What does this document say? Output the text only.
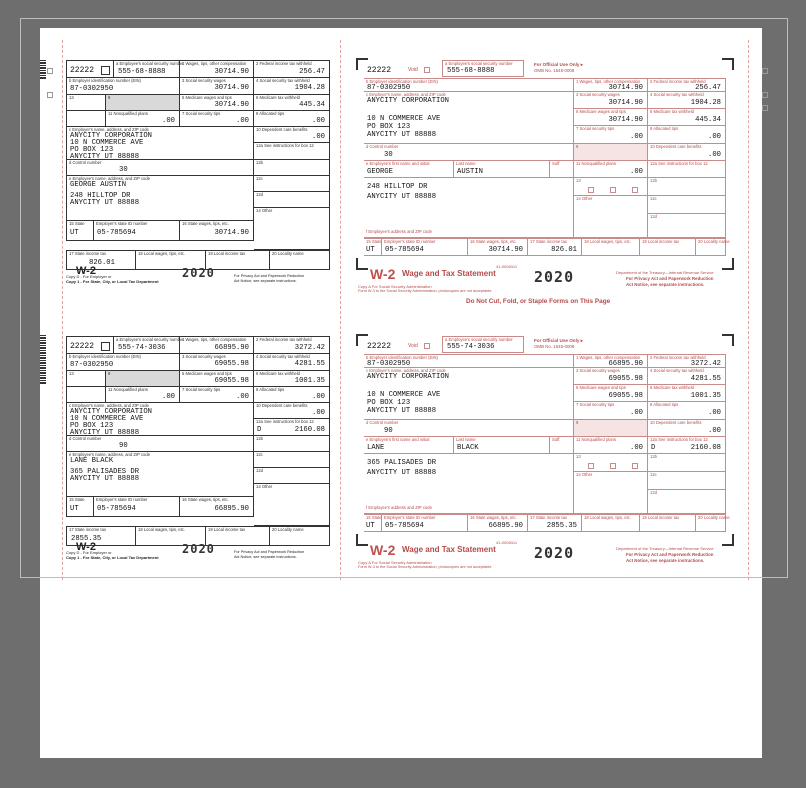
22222
a Employee's social security number
555-68-8888
1 Wages, tips, other compensation
30714.90
2 Federal income tax withheld
256.47
b Employer identification number (EIN)
87-0302950
3 Social security wages
30714.90
4 Social security tax withheld
1904.28
13	9	5 Medicare wages and tips
30714.90
6 Medicare tax withheld
445.34
11 Nonqualified plans
.00
7 Social security tips
.00
8 Allocated tips
.00
c Employer's name, address, and ZIP code
ANYCITY CORPORATION
10 N COMMERCE AVE
PO BOX 123
ANYCITY UT 88888
10 Dependent care benefits
.00
12a See instructions for box 12
d Control number
30
12b
e Employee's name, address, and ZIP code
GEORGE AUSTIN
248 HILLTOP DR
ANYCITY UT 88888
12c
12d
14 Other
15 State
UT
Employer's state ID number
05-785694
16 State wages, tips, etc.
30714.90
17 State income tax
826.01
18 Local wages, tips, etc.	19 Local income tax	20 Locality name
Copy D - For Employer or
Copy 1 - For State, City, or Local Tax Department
W-2	2020	For Privacy Act and Paperwork Reduction
Act Notice, see separate instructions.
22222
a Employee's social security number
555-74-3036
1 Wages, tips, other compensation
66895.90
2 Federal income tax withheld
3272.42
b Employer identification number (EIN)
87-0302950
3 Social security wages
69055.98
4 Social security tax withheld
4281.55
13	9	5 Medicare wages and tips
69055.98
6 Medicare tax withheld
1001.35
11 Nonqualified plans
.00
7 Social security tips
.00
8 Allocated tips
.00
c Employer's name, address, and ZIP code
ANYCITY CORPORATION
10 N COMMERCE AVE
PO BOX 123
ANYCITY UT 88888
10 Dependent care benefits
.00
12a See instructions for box 12
D	2160.08
d Control number
90
12b
e Employee's name, address, and ZIP code
LANE BLACK
365 PALISADES DR
ANYCITY UT 88888
12c
12d
14 Other
15 State
UT
Employer's state ID number
05-785694
16 State wages, tips, etc.
66895.90
17 State income tax
2855.35
18 Local wages, tips, etc.	19 Local income tax	20 Locality name
Copy D - For Employer or
Copy 1 - For State, City, or Local Tax Department
W-2	2020	For Privacy Act and Paperwork Reduction
Act Notice, see separate instructions.
22222	Void
a Employee's social security number
555-68-8888
For Official Use Only ▸
OMB No. 1545-0008
b Employer identification number (EIN)
87-0302950
1 Wages, tips, other compensation
30714.90
2 Federal income tax withheld
256.47
c Employer's name, address, and ZIP code
ANYCITY CORPORATION
10 N COMMERCE AVE
PO BOX 123
ANYCITY UT 88888
3 Social security wages
30714.90
4 Social security tax withheld
1904.28
5 Medicare wages and tips
30714.90
6 Medicare tax withheld
445.34
7 Social security tips
.00
8 Allocated tips
.00
d Control number
30
9	10 Dependent care benefits
.00
e Employee's first name and initial
GEORGE
Last name
AUSTIN
Suff.	11 Nonqualified plans
.00
12a See instructions for box 12
248 HILLTOP DR
ANYCITY UT 88888
f Employee's address and ZIP code
13	12b
14 Other	12c
12d
15 State
UT
Employer's state ID number
05-785694
16 State wages, tips, etc.
30714.90
17 State income tax
826.01
18 Local wages, tips, etc.	19 Local income tax	20 Locality name
W-2 Wage and Tax Statement
Copy A For Social Security Administration
Form W-3 to the Social Security Administration; photocopies are not acceptable.
41-0008311
2020	Department of the Treasury—Internal Revenue Service
For Privacy Act and Paperwork Reduction
Act Notice, see separate instructions.
Do Not Cut, Fold, or Staple Forms on This Page
22222	Void
a Employee's social security number
555-74-3036
For Official Use Only ▸
OMB No. 1545-0008
b Employer identification number (EIN)
87-0302950
1 Wages, tips, other compensation
66895.90
2 Federal income tax withheld
3272.42
c Employer's name, address, and ZIP code
ANYCITY CORPORATION
10 N COMMERCE AVE
PO BOX 123
ANYCITY UT 88888
3 Social security wages
69055.98
4 Social security tax withheld
4281.55
5 Medicare wages and tips
69055.98
6 Medicare tax withheld
1001.35
7 Social security tips
.00
8 Allocated tips
.00
d Control number
90
9	10 Dependent care benefits
.00
e Employee's first name and initial
LANE
Last name
BLACK
Suff.	11 Nonqualified plans
.00
12a See instructions for box 12
D	2160.08
365 PALISADES DR
ANYCITY UT 88888
f Employee's address and ZIP code
13	12b
14 Other	12c
12d
15 State
UT
Employer's state ID number
05-785694
16 State wages, tips, etc.
66895.90
17 State income tax
2855.35
18 Local wages, tips, etc.	19 Local income tax	20 Locality name
W-2 Wage and Tax Statement
Copy A For Social Security Administration
Form W-3 to the Social Security Administration; photocopies are not acceptable.
41-0008311
2020	Department of the Treasury—Internal Revenue Service
For Privacy Act and Paperwork Reduction
Act Notice, see separate instructions.
